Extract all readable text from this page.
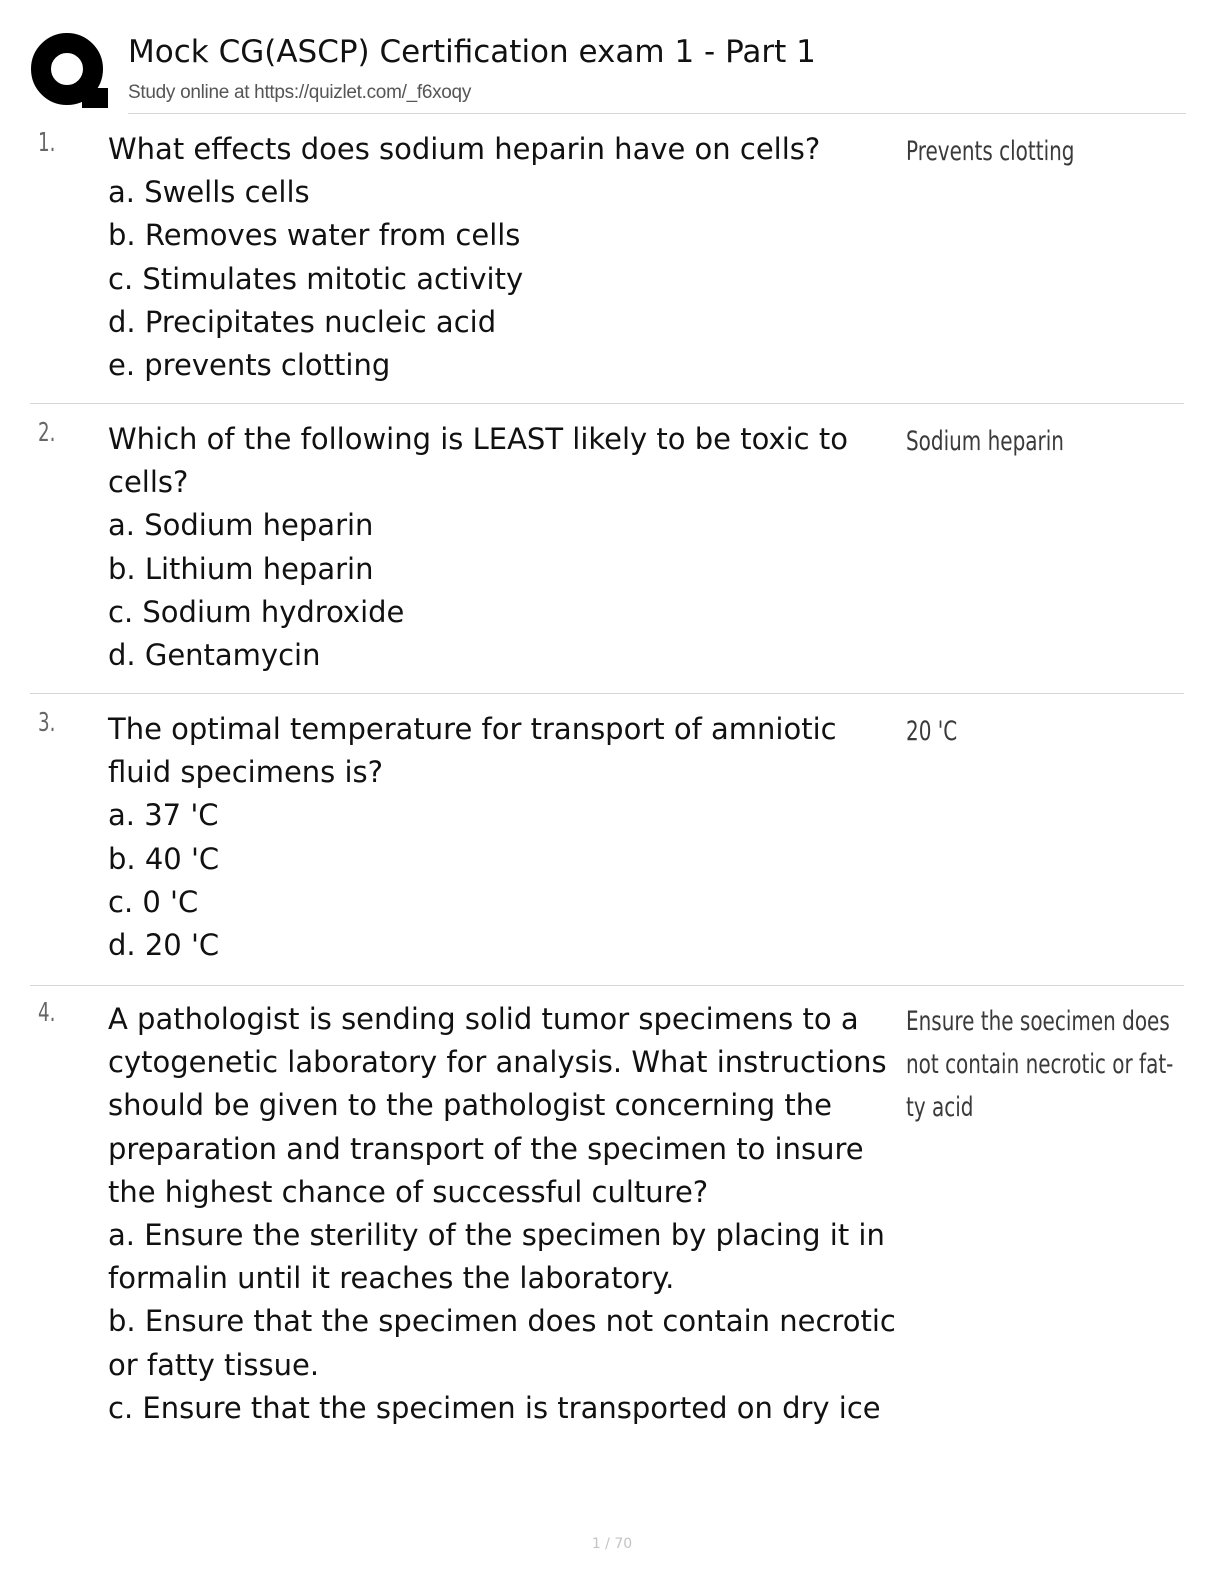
Mock CG(ASCP) Certification exam 1 - Part 1
Study online at https://quizlet.com/_f6xoqy
1. What effects does sodium heparin have on cells?
a. Swells cells
b. Removes water from cells
c. Stimulates mitotic activity
d. Precipitates nucleic acid
e. prevents clotting
Prevents clotting
2. Which of the following is LEAST likely to be toxic to
cells?
a. Sodium heparin
b. Lithium heparin
c. Sodium hydroxide
d. Gentamycin
Sodium heparin
3. The optimal temperature for transport of amniotic
fluid specimens is?
a. 37 'C
b. 40 'C
c. 0 'C
d. 20 'C
20 'C
4. A pathologist is sending solid tumor specimens to a
cytogenetic laboratory for analysis. What instructions
should be given to the pathologist concerning the
preparation and transport of the specimen to insure
the highest chance of successful culture?
a. Ensure the sterility of the specimen by placing it in
formalin until it reaches the laboratory.
b. Ensure that the specimen does not contain necrotic
or fatty tissue.
c. Ensure that the specimen is transported on dry ice
Ensure the soecimen does
not contain necrotic or fat-
ty acid
1 / 70
